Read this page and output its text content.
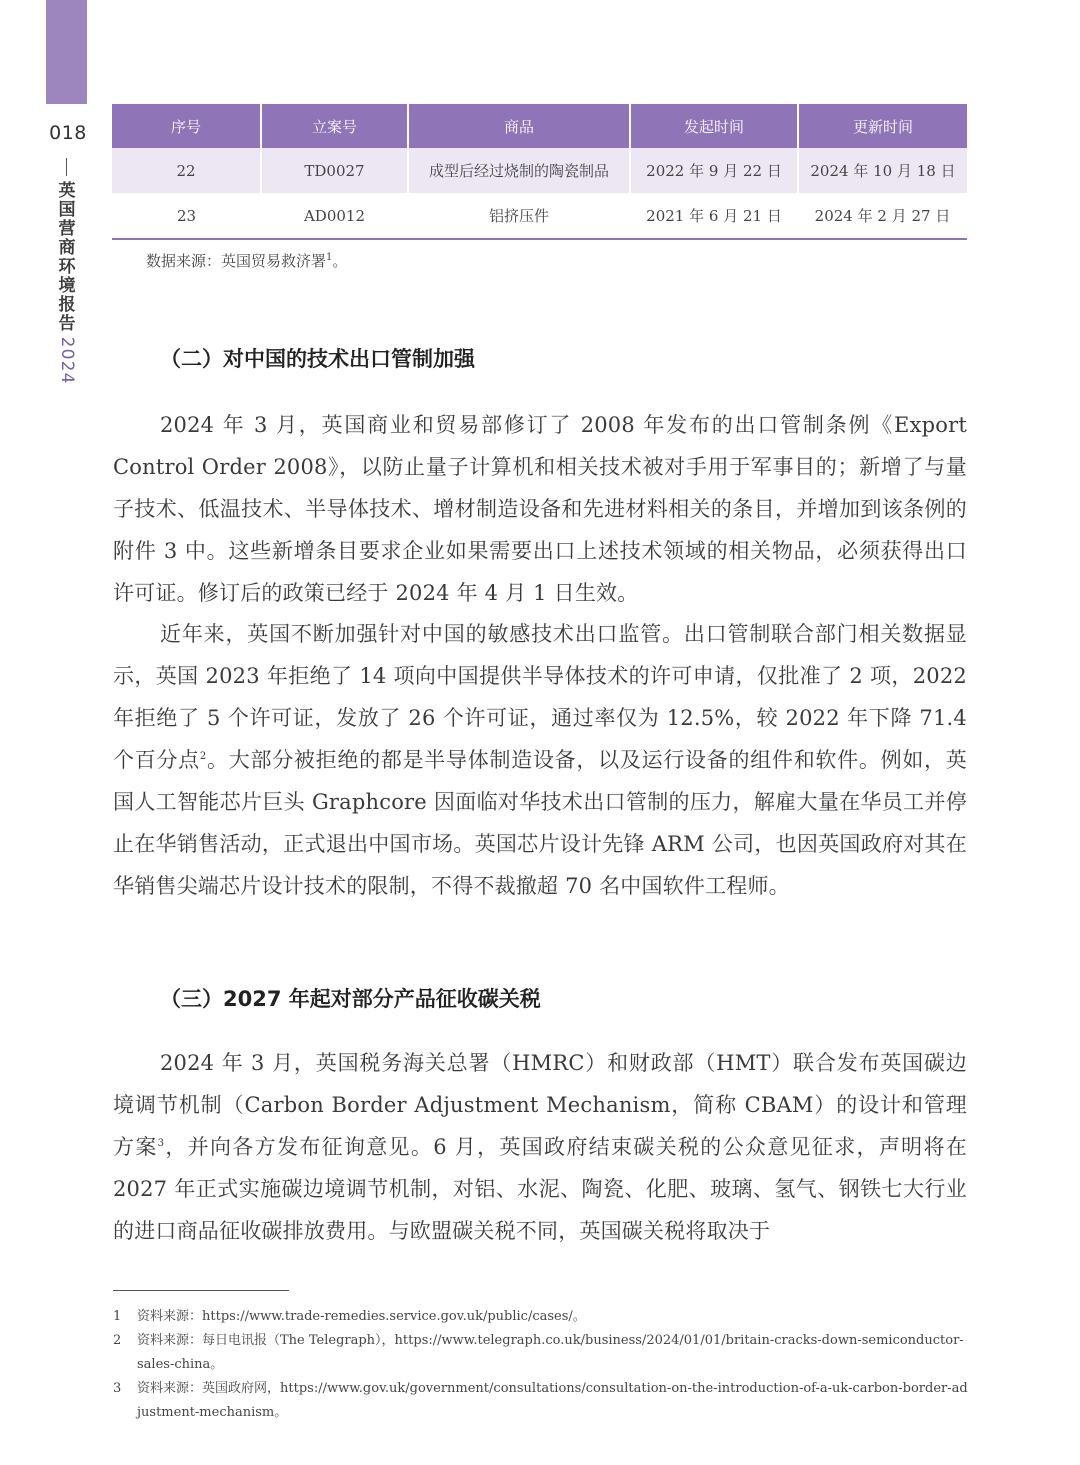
018
英
国
营
商
环
境
报
告
2
0
2
4
序号	立案号	商品	发起时间	更新时间
22	TD0027	成型后经过烧制的陶瓷制品	2022 年 9 月 22 日	2024 年 10 月 18 日
23	AD0012	铝挤压件	2021 年 6 月 21 日	2024 年 2 月 27 日
数据来源：英国贸易救济署$^1$。
（二）对中国的技术出口管制加强

2024 年 3 月，英国商业和贸易部修订了 2008 年发布的出口管制条例《Export Control Order 2008》，以防止量子计算机和相关技术被对手用于军事目的；新增了与量子技术、低温技术、半导体技术、增材制造设备和先进材料相关的条目，并增加到该条例的附件 3 中。这些新增条目要求企业如果需要出口上述技术领域的相关物品，必须获得出口许可证。修订后的政策已经于 2024 年 4 月 1 日生效。

近年来，英国不断加强针对中国的敏感技术出口监管。出口管制联合部门相关数据显示，英国 2023 年拒绝了 14 项向中国提供半导体技术的许可申请，仅批准了 2 项，2022 年拒绝了 5 个许可证，发放了 26 个许可证，通过率仅为 12.5%，较 2022 年下降 71.4 个百分点$^2$。大部分被拒绝的都是半导体制造设备，以及运行设备的组件和软件。例如，英国人工智能芯片巨头 Graphcore 因面临对华技术出口管制的压力，解雇大量在华员工并停止在华销售活动，正式退出中国市场。英国芯片设计先锋 ARM 公司，也因英国政府对其在华销售尖端芯片设计技术的限制，不得不裁撤超 70 名中国软件工程师。

（三）2027 年起对部分产品征收碳关税

2024 年 3 月，英国税务海关总署（HMRC）和财政部（HMT）联合发布英国碳边境调节机制（Carbon Border Adjustment Mechanism，简称 CBAM）的设计和管理方案$^3$，并向各方发布征询意见。6 月，英国政府结束碳关税的公众意见征求，声明将在 2027 年正式实施碳边境调节机制，对铝、水泥、陶瓷、化肥、玻璃、氢气、钢铁七大行业的进口商品征收碳排放费用。与欧盟碳关税不同，英国碳关税将取决于

1	资料来源：https://www.trade-remedies.service.gov.uk/public/cases/。
2	资料来源：每日电讯报（The Telegraph），https://www.telegraph.co.uk/business/2024/01/01/britain-cracks-down-semiconductor-sales-china。
3	资料来源：英国政府网，https://www.gov.uk/government/consultations/consultation-on-the-introduction-of-a-uk-carbon-border-adjustment-mechanism。
